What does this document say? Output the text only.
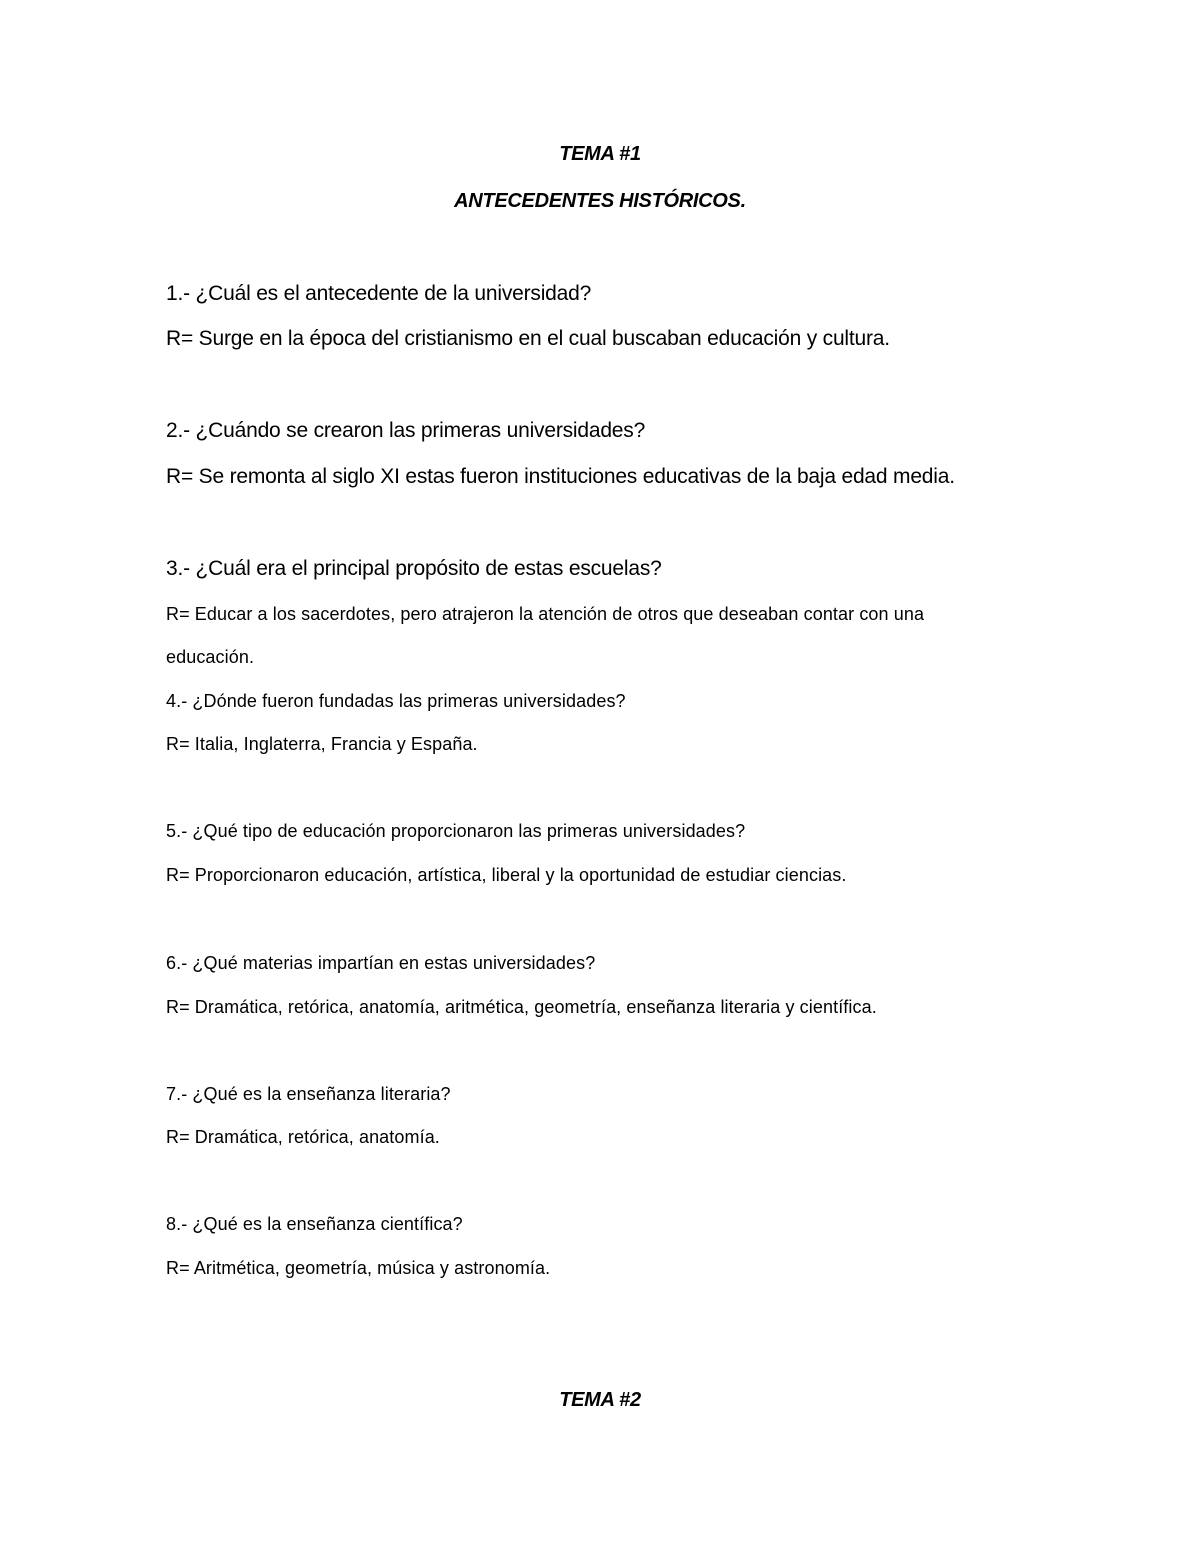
TEMA #1
ANTECEDENTES HISTÓRICOS.
1.- ¿Cuál es el antecedente de la universidad?
R= Surge en la época del cristianismo en el cual buscaban educación y cultura.
2.- ¿Cuándo se crearon las primeras universidades?
R= Se remonta al siglo XI estas fueron instituciones educativas de la baja edad media.
3.- ¿Cuál era el principal propósito de estas escuelas?
R= Educar a los sacerdotes, pero atrajeron la atención de otros que deseaban contar con una
educación.
4.- ¿Dónde fueron fundadas las primeras universidades?
R= Italia, Inglaterra, Francia y España.
5.- ¿Qué tipo de educación proporcionaron las primeras universidades?
R= Proporcionaron educación, artística, liberal y la oportunidad de estudiar ciencias.
6.- ¿Qué materias impartían en estas universidades?
R= Dramática, retórica, anatomía, aritmética, geometría, enseñanza literaria y científica.
7.- ¿Qué es la enseñanza literaria?
R= Dramática, retórica, anatomía.
8.- ¿Qué es la enseñanza científica?
R= Aritmética, geometría, música y astronomía.
TEMA #2
